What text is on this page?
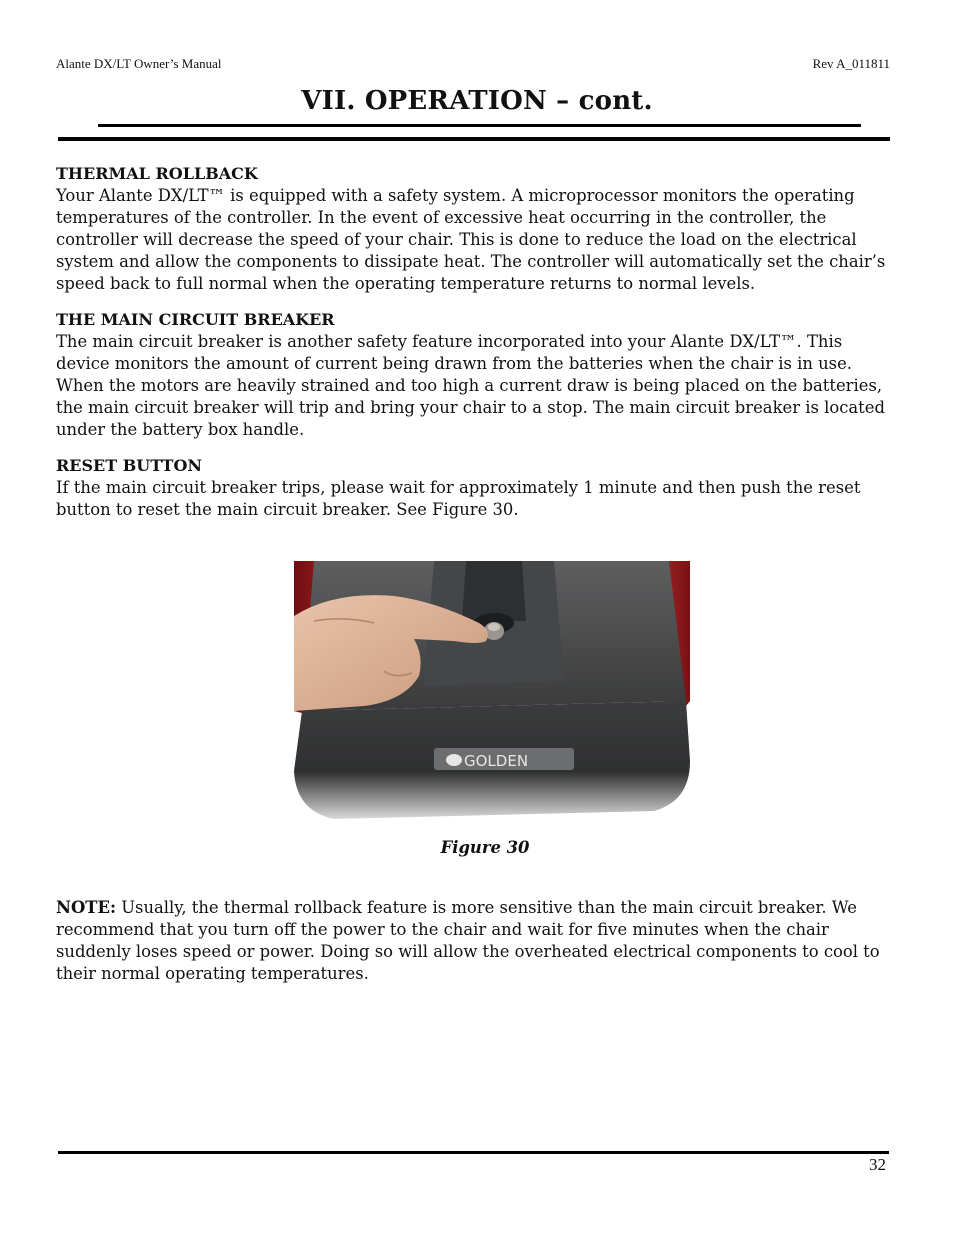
Alante DX/LT Owner’s Manual	Rev A_011811
VII. OPERATION – cont.
THERMAL ROLLBACK

Your Alante DX/LT™ is equipped with a safety system. A microprocessor monitors the operating temperatures of the controller. In the event of excessive heat occurring in the controller, the controller will decrease the speed of your chair. This is done to reduce the load on the electrical system and allow the components to dissipate heat. The controller will automatically set the chair’s speed back to full normal when the operating temperature returns to normal levels.

THE MAIN CIRCUIT BREAKER

The main circuit breaker is another safety feature incorporated into your Alante DX/LT™. This device monitors the amount of current being drawn from the batteries when the chair is in use. When the motors are heavily strained and too high a current draw is being placed on the batteries, the main circuit breaker will trip and bring your chair to a stop. The main circuit breaker is located under the battery box handle.

RESET BUTTON

If the main circuit breaker trips, please wait for approximately 1 minute and then push the reset button to reset the main circuit breaker. See Figure 30.

GOLDEN
Figure 30

NOTE: Usually, the thermal rollback feature is more sensitive than the main circuit breaker. We recommend that you turn off the power to the chair and wait for five minutes when the chair suddenly loses speed or power. Doing so will allow the overheated electrical components to cool to their normal operating temperatures.

32
